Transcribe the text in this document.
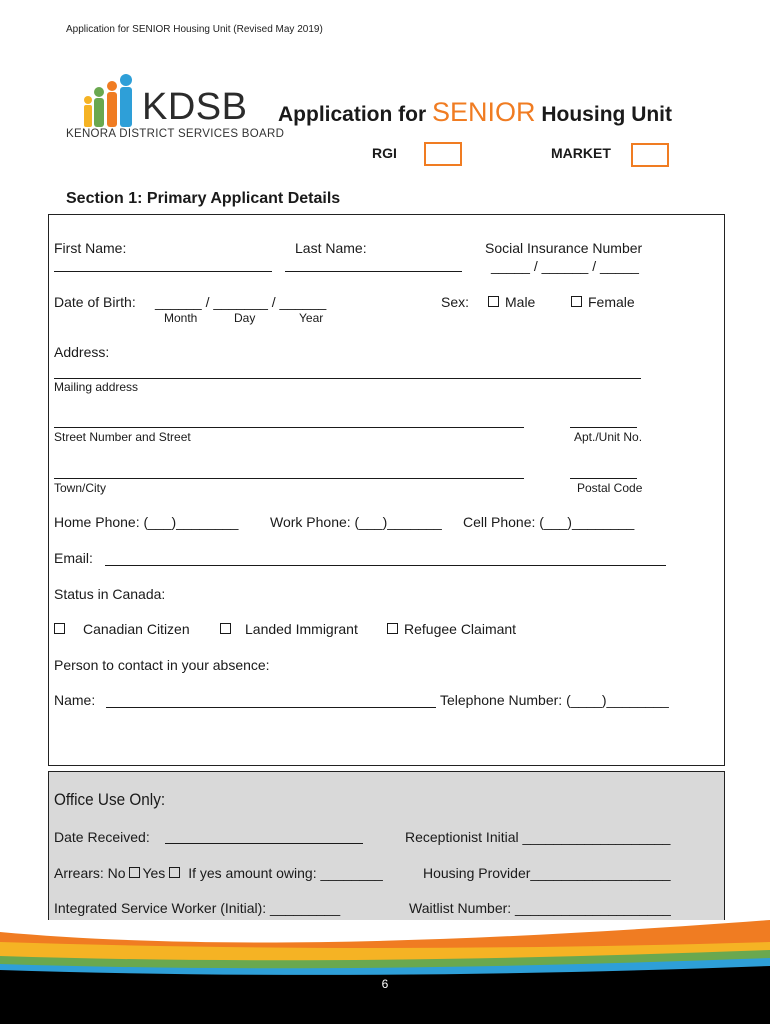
Application for SENIOR Housing Unit (Revised May 2019)
KDSB
KENORA DISTRICT SERVICES BOARD
Application for SENIOR Housing Unit
RGI	MARKET
Section 1: Primary Applicant Details
First Name:	Last Name:	Social Insurance Number
_____ / ______ / _____
Date of Birth: ______ / _______ / ______
Month	Day	Year
Sex:	Male	Female
Address:
Mailing address
Street Number and Street	Apt./Unit No.
Town/City	Postal Code
Home Phone: (___)________ Work Phone: (___)_______ Cell Phone: (___)________
Email:
Status in Canada:
Canadian Citizen	Landed Immigrant	Refugee Claimant
Person to contact in your absence:
Name:	Telephone Number: (____)________
Office Use Only:
Date Received:	Receptionist Initial ___________________
Arrears: No Yes If yes amount owing: ________	Housing Provider__________________
Integrated Service Worker (Initial): _________	Waitlist Number: ____________________
6
